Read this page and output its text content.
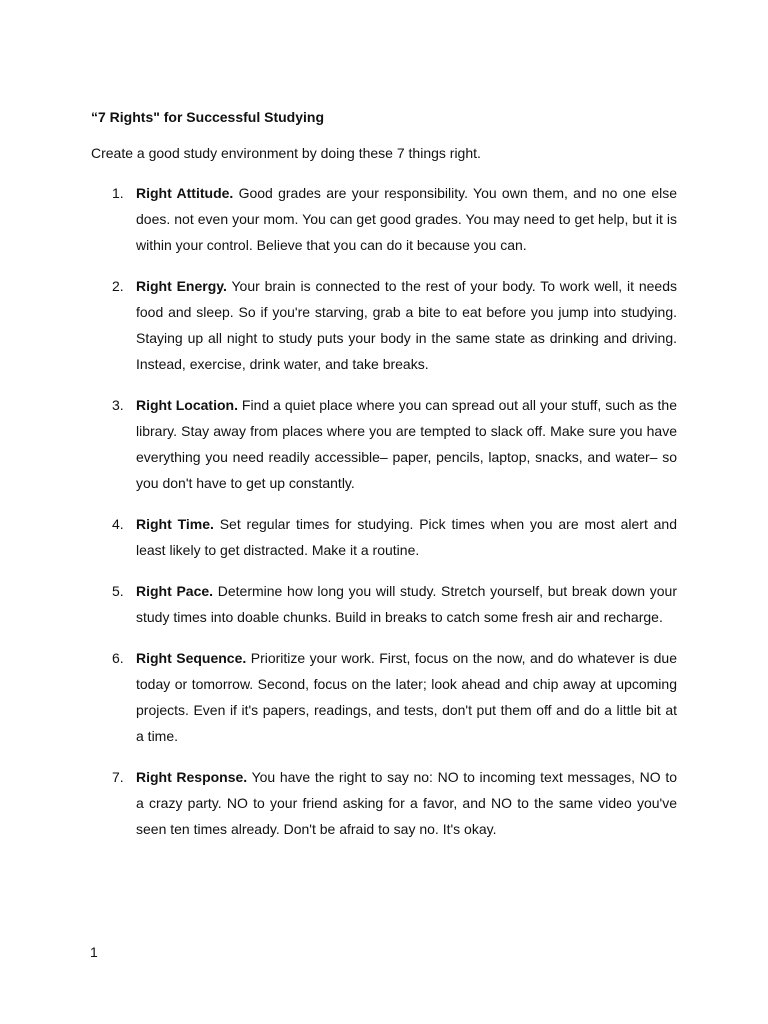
“7 Rights" for Successful Studying

Create a good study environment by doing these 7 things right.

1. Right Attitude. Good grades are your responsibility. You own them, and no one else does. not even your mom. You can get good grades. You may need to get help, but it is within your control. Believe that you can do it because you can.
2. Right Energy. Your brain is connected to the rest of your body. To work well, it needs food and sleep. So if you're starving, grab a bite to eat before you jump into studying. Staying up all night to study puts your body in the same state as drinking and driving. Instead, exercise, drink water, and take breaks.
3. Right Location. Find a quiet place where you can spread out all your stuff, such as the library. Stay away from places where you are tempted to slack off. Make sure you have everything you need readily accessible– paper, pencils, laptop, snacks, and water– so you don't have to get up constantly.
4. Right Time. Set regular times for studying. Pick times when you are most alert and least likely to get distracted. Make it a routine.
5. Right Pace. Determine how long you will study. Stretch yourself, but break down your study times into doable chunks. Build in breaks to catch some fresh air and recharge.
6. Right Sequence. Prioritize your work. First, focus on the now, and do whatever is due today or tomorrow. Second, focus on the later; look ahead and chip away at upcoming projects. Even if it's papers, readings, and tests, don't put them off and do a little bit at a time.
7. Right Response. You have the right to say no: NO to incoming text messages, NO to a crazy party. NO to your friend asking for a favor, and NO to the same video you've seen ten times already. Don't be afraid to say no. It's okay.

1
